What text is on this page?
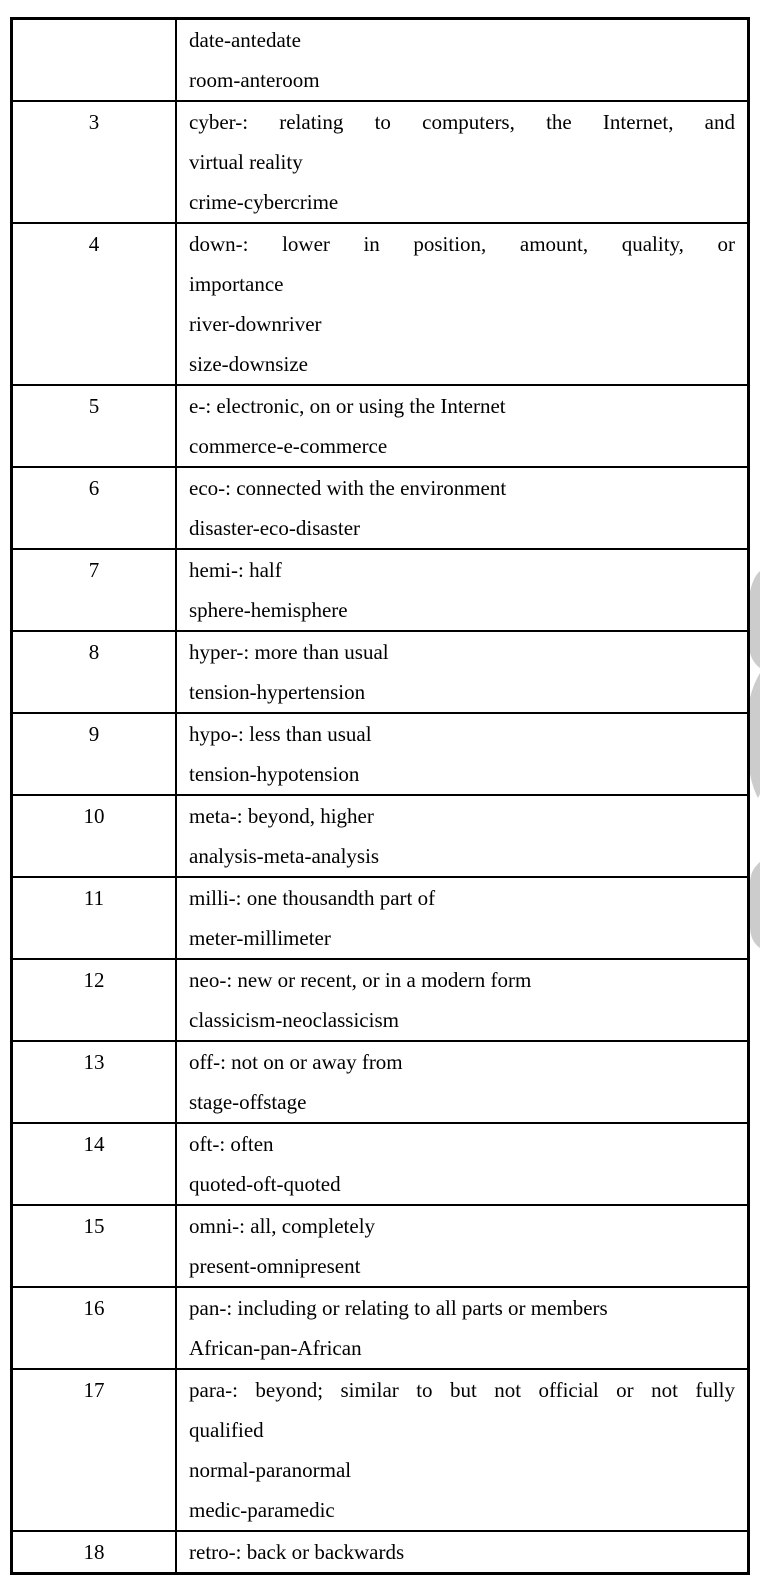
	date-antedate
room-anteroom

3	cyber-: relating to computers, the Internet, and
virtual reality
crime-cybercrime

4	down-: lower in position, amount, quality, or
importance
river-downriver
size-downsize

5	e-: electronic, on or using the Internet
commerce-e-commerce

6	eco-: connected with the environment
disaster-eco-disaster

7	hemi-: half
sphere-hemisphere

8	hyper-: more than usual
tension-hypertension

9	hypo-: less than usual
tension-hypotension

10	meta-: beyond, higher
analysis-meta-analysis

11	milli-: one thousandth part of
meter-millimeter

12	neo-: new or recent, or in a modern form
classicism-neoclassicism

13	off-: not on or away from
stage-offstage

14	oft-: often
quoted-oft-quoted

15	omni-: all, completely
present-omnipresent

16	pan-: including or relating to all parts or members
African-pan-African

17	para-: beyond; similar to but not official or not fully
qualified
normal-paranormal
medic-paramedic

18	retro-: back or backwards
